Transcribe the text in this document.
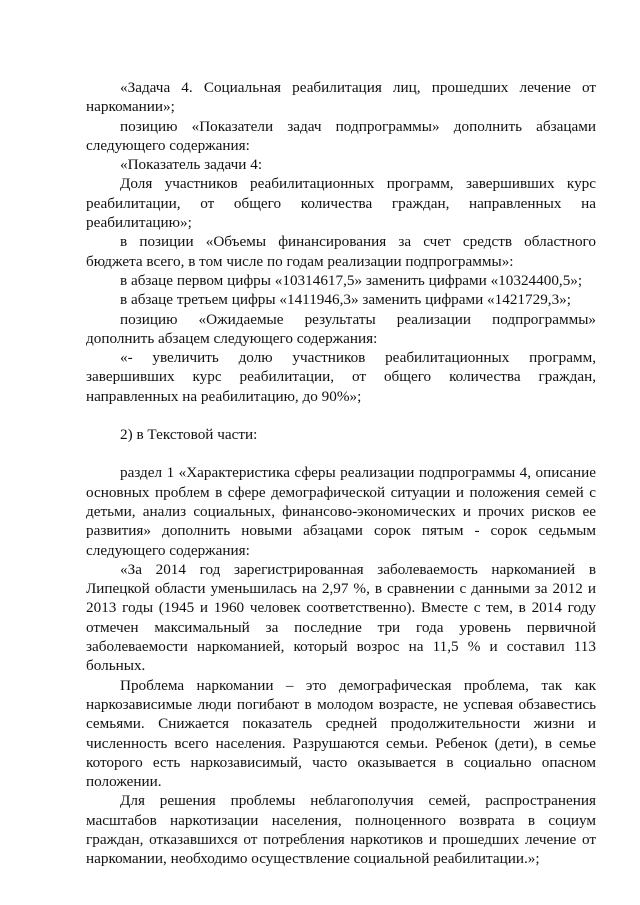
«Задача 4. Социальная реабилитация лиц, прошедших лечение от наркомании»;

позицию «Показатели задач подпрограммы» дополнить абзацами следующего содержания:

«Показатель задачи 4:

Доля участников реабилитационных программ, завершивших курс реабилитации, от общего количества граждан, направленных на реабилитацию»;

в позиции «Объемы финансирования за счет средств областного бюджета всего, в том числе по годам реализации подпрограммы»:

в абзаце первом цифры «10314617,5» заменить цифрами «10324400,5»;

в абзаце третьем цифры «1411946,3» заменить цифрами «1421729,3»;

позицию «Ожидаемые результаты реализации подпрограммы» дополнить абзацем следующего содержания:

«- увеличить долю участников реабилитационных программ, завершивших курс реабилитации, от общего количества граждан, направленных на реабилитацию, до 90%»;

2) в Текстовой части:

раздел 1 «Характеристика сферы реализации подпрограммы 4, описание основных проблем в сфере демографической ситуации и положения семей с детьми, анализ социальных, финансово-экономических и прочих рисков ее развития» дополнить новыми абзацами сорок пятым - сорок седьмым следующего содержания:

«За 2014 год зарегистрированная заболеваемость наркоманией в Липецкой области уменьшилась на 2,97 %, в сравнении с данными за 2012 и 2013 годы (1945 и 1960 человек соответственно). Вместе с тем, в 2014 году отмечен максимальный за последние три года уровень первичной заболеваемости наркоманией, который возрос на 11,5 % и составил 113 больных.

Проблема наркомании – это демографическая проблема, так как наркозависимые люди погибают в молодом возрасте, не успевая обзавестись семьями. Снижается показатель средней продолжительности жизни и численность всего населения. Разрушаются семьи. Ребенок (дети), в семье которого есть наркозависимый, часто оказывается в социально опасном положении.

Для решения проблемы неблагополучия семей, распространения масштабов наркотизации населения, полноценного возврата в социум граждан, отказавшихся от потребления наркотиков и прошедших лечение от наркомании, необходимо осуществление социальной реабилитации.»;
